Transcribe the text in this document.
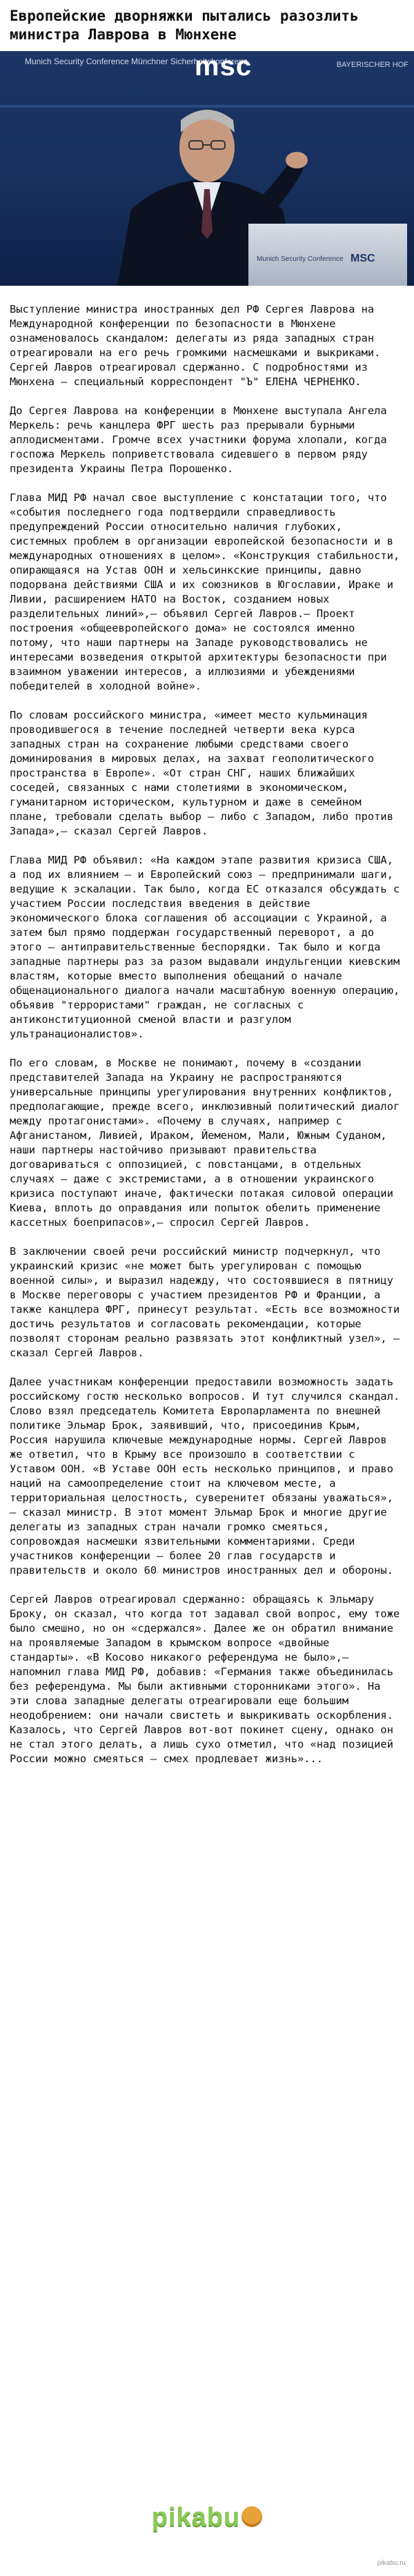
Европейские дворняжки пытались разозлить министра Лаврова в Мюнхене
Munich Security Conference Münchner Sicherheitskonferenz
msc	BAYERISCHER HOF
Munich Security Conference MSC

Выступление министра иностранных дел РФ Сергея Лаврова на Международной конференции по безопасности в Мюнхене ознаменовалось скандалом: делегаты из ряда западных стран отреагировали на его речь громкими насмешками и выкриками. Сергей Лавров отреагировал сдержанно. С подробностями из Мюнхена – специальный корреспондент "Ъ" ЕЛЕНА ЧЕРНЕНКО.

До Сергея Лаврова на конференции в Мюнхене выступала Ангела Меркель: речь канцлера ФРГ шесть раз прерывали бурными аплодисментами. Громче всех участники форума хлопали, когда госпожа Меркель поприветствовала сидевшего в первом ряду президента Украины Петра Порошенко.

Глава МИД РФ начал свое выступление с констатации того, что «события последнего года подтвердили справедливость предупреждений России относительно наличия глубоких, системных проблем в организации европейской безопасности и в международных отношениях в целом». «Конструкция стабильности, опирающаяся на Устав ООН и хельсинкские принципы, давно подорвана действиями США и их союзников в Югославии, Ираке и Ливии, расширением НАТО на Восток, созданием новых разделительных линий»,— объявил Сергей Лавров.— Проект построения «общеевропейского дома» не состоялся именно потому, что наши партнеры на Западе руководствовались не интересами возведения открытой архитектуры безопасности при взаимном уважении интересов, а иллюзиями и убеждениями победителей в холодной войне».

По словам российского министра, «имеет место кульминация проводившегося в течение последней четверти века курса западных стран на сохранение любыми средствами своего доминирования в мировых делах, на захват геополитического пространства в Европе». «От стран СНГ, наших ближайших соседей, связанных с нами столетиями в экономическом, гуманитарном историческом, культурном и даже в семейном плане, требовали сделать выбор – либо с Западом, либо против Запада»,— сказал Сергей Лавров.

Глава МИД РФ объявил: «На каждом этапе развития кризиса США, а под их влиянием — и Европейский союз — предпринимали шаги, ведущие к эскалации. Так было, когда ЕС отказался обсуждать с участием России последствия введения в действие экономического блока соглашения об ассоциации с Украиной, а затем был прямо поддержан государственный переворот, а до этого — антиправительственные беспорядки. Так было и когда западные партнеры раз за разом выдавали индульгенции киевским властям, которые вместо выполнения обещаний о начале общенационального диалога начали масштабную военную операцию, объявив "террористами" граждан, не согласных с антиконституционной сменой власти и разгулом ультранационалистов».

По его словам, в Москве не понимают, почему в «создании представителей Запада на Украину не распространяются универсальные принципы урегулирования внутренних конфликтов, предполагающие, прежде всего, инклюзивный политический диалог между протагонистами». «Почему в случаях, например с Афганистаном, Ливией, Ираком, Йеменом, Мали, Южным Суданом, наши партнеры настойчиво призывают правительства договариваться с оппозицией, с повстанцами, в отдельных случаях – даже с экстремистами, а в отношении украинского кризиса поступают иначе, фактически потакая силовой операции Киева, вплоть до оправдания или попыток обелить применение кассетных боеприпасов»,— спросил Сергей Лавров.

В заключении своей речи российский министр подчеркнул, что украинский кризис «не может быть урегулирован с помощью военной силы», и выразил надежду, что состоявшиеся в пятницу в Москве переговоры с участием президентов РФ и Франции, а также канцлера ФРГ, принесут результат. «Есть все возможности достичь результатов и согласовать рекомендации, которые позволят сторонам реально развязать этот конфликтный узел», — сказал Сергей Лавров.

Далее участникам конференции предоставили возможность задать российскому гостю несколько вопросов. И тут случился скандал. Слово взял председатель Комитета Европарламента по внешней политике Эльмар Брок, заявивший, что, присоединив Крым, Россия нарушила ключевые международные нормы. Сергей Лавров же ответил, что в Крыму все произошло в соответствии с Уставом ООН. «В Уставе ООН есть несколько принципов, и право наций на самоопределение стоит на ключевом месте, а территориальная целостность, суверенитет обязаны уважаться», — сказал министр. В этот момент Эльмар Брок и многие другие делегаты из западных стран начали громко смеяться, сопровождая насмешки язвительными комментариями. Среди участников конференции – более 20 глав государств и правительств и около 60 министров иностранных дел и обороны.

Сергей Лавров отреагировал сдержанно: обращаясь к Эльмару Броку, он сказал, что когда тот задавал свой вопрос, ему тоже было смешно, но он «сдержался». Далее же он обратил внимание на проявляемые Западом в крымском вопросе «двойные стандарты». «В Косово никакого референдума не было»,— напомнил глава МИД РФ, добавив: «Германия также объединилась без референдума. Мы были активными сторонниками этого». На эти слова западные делегаты отреагировали еще большим неодобрением: они начали свистеть и выкрикивать оскорбления. Казалось, что Сергей Лавров вот-вот покинет сцену, однако он не стал этого делать, а лишь сухо отметил, что «над позицией России можно смеяться — смех продлевает жизнь»...

pikabu
pikabu.ru
